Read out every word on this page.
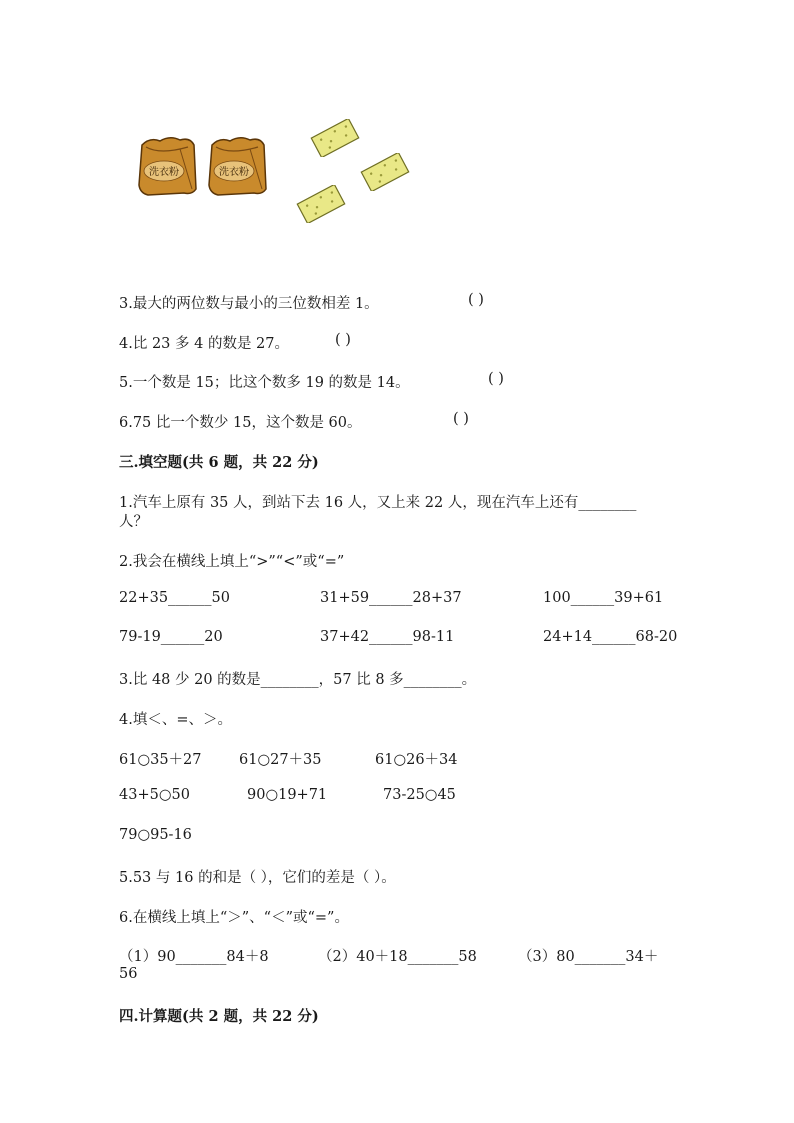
洗衣粉	洗衣粉
3.最大的两位数与最小的三位数相差 1。	( )
4.比 23 多 4 的数是 27。	( )
5.一个数是 15；比这个数多 19 的数是 14。	( )
6.75 比一个数少 15，这个数是 60。	( )
三.填空题(共 6 题，共 22 分)
1.汽车上原有 35 人，到站下去 16 人，又上来 22 人，现在汽车上还有________
人？
2.我会在横线上填上“>”“<”或“=”
22+35______50	31+59______28+37	100______39+61
79-19______20	37+42______98-11	24+14______68-20
3.比 48 少 20 的数是________，57 比 8 多________。
4.填＜、=、＞。
61○35＋27	61○27＋35	61○26＋34
43+5○50	90○19+71	73-25○45
79○95-16
5.53 与 16 的和是（ ），它们的差是（ ）。
6.在横线上填上“＞”、“＜”或“=”。
（1）90_______84＋8	（2）40＋18_______58	（3）80_______34＋
56
四.计算题(共 2 题，共 22 分)
